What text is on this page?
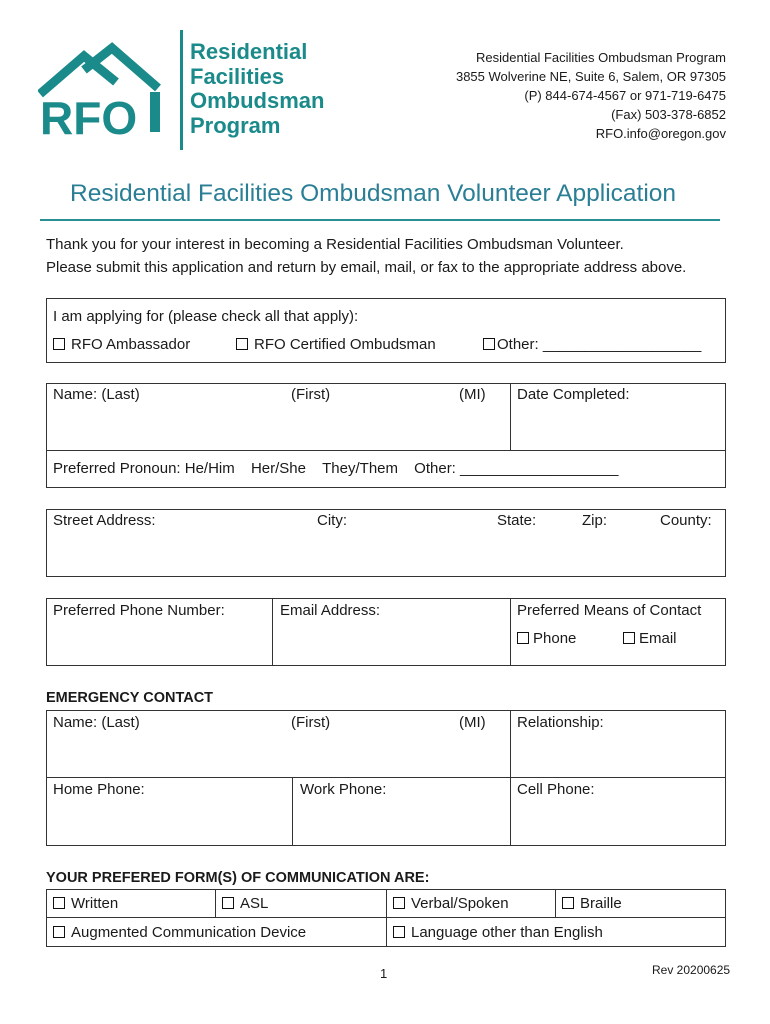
RFO
Residential
Facilities
Ombudsman
Program
Residential Facilities Ombudsman Program
3855 Wolverine NE, Suite 6, Salem, OR 97305
(P) 844-674-4567 or 971-719-6475
(Fax) 503-378-6852
RFO.info@oregon.gov
Residential Facilities Ombudsman Volunteer Application
Thank you for your interest in becoming a Residential Facilities Ombudsman Volunteer.
Please submit this application and return by email, mail, or fax to the appropriate address above.
I am applying for (please check all that apply):
RFO Ambassador	RFO Certified Ombudsman	Other: ___________________
Name: (Last)	(First)	(MI) Date Completed:
Preferred Pronoun: He/Him Her/She They/Them Other: ___________________
Street Address:	City:	State:	Zip:	County:
Preferred Phone Number:	Email Address:	Preferred Means of Contact
Phone	Email
EMERGENCY CONTACT
Name: (Last)	(First)	(MI) Relationship:
Home Phone:	Work Phone:	Cell Phone:
YOUR PREFERED FORM(S) OF COMMUNICATION ARE:
Written	ASL	Verbal/Spoken	Braille
Augmented Communication Device	Language other than English
1	Rev 20200625
